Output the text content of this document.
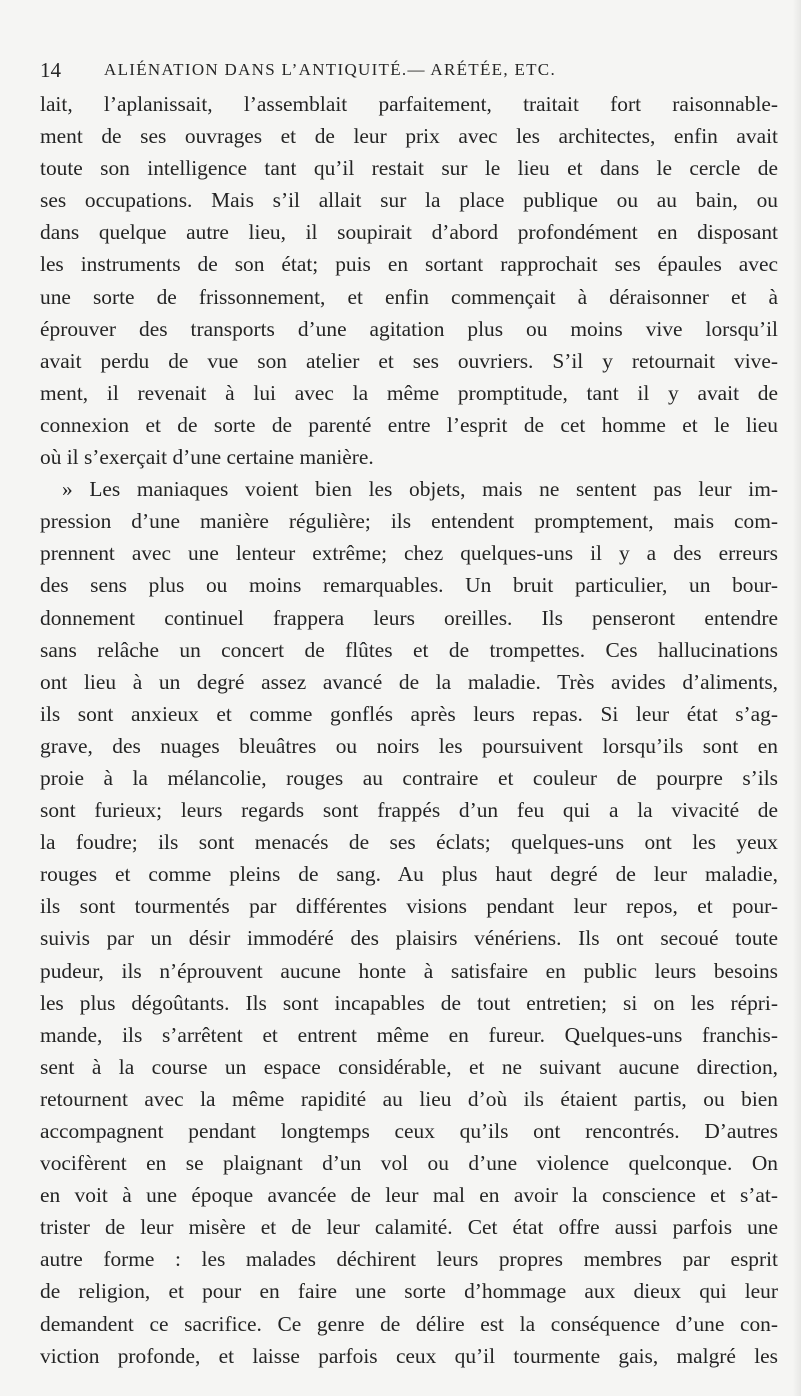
14	ALIÉNATION DANS L’ANTIQUITÉ.— ARÉTÉE, ETC.
lait, l’aplanissait, l’assemblait parfaitement, traitait fort raisonnable-
ment de ses ouvrages et de leur prix avec les architectes, enfin avait
toute son intelligence tant qu’il restait sur le lieu et dans le cercle de
ses occupations. Mais s’il allait sur la place publique ou au bain, ou
dans quelque autre lieu, il soupirait d’abord profondément en disposant
les instruments de son état; puis en sortant rapprochait ses épaules avec
une sorte de frissonnement, et enfin commençait à déraisonner et à
éprouver des transports d’une agitation plus ou moins vive lorsqu’il
avait perdu de vue son atelier et ses ouvriers. S’il y retournait vive-
ment, il revenait à lui avec la même promptitude, tant il y avait de
connexion et de sorte de parenté entre l’esprit de cet homme et le lieu
où il s’exerçait d’une certaine manière.
» Les maniaques voient bien les objets, mais ne sentent pas leur im-
pression d’une manière régulière; ils entendent promptement, mais com-
prennent avec une lenteur extrême; chez quelques-uns il y a des erreurs
des sens plus ou moins remarquables. Un bruit particulier, un bour-
donnement continuel frappera leurs oreilles. Ils penseront entendre
sans relâche un concert de flûtes et de trompettes. Ces hallucinations
ont lieu à un degré assez avancé de la maladie. Très avides d’aliments,
ils sont anxieux et comme gonflés après leurs repas. Si leur état s’ag-
grave, des nuages bleuâtres ou noirs les poursuivent lorsqu’ils sont en
proie à la mélancolie, rouges au contraire et couleur de pourpre s’ils
sont furieux; leurs regards sont frappés d’un feu qui a la vivacité de
la foudre; ils sont menacés de ses éclats; quelques-uns ont les yeux
rouges et comme pleins de sang. Au plus haut degré de leur maladie,
ils sont tourmentés par différentes visions pendant leur repos, et pour-
suivis par un désir immodéré des plaisirs vénériens. Ils ont secoué toute
pudeur, ils n’éprouvent aucune honte à satisfaire en public leurs besoins
les plus dégoûtants. Ils sont incapables de tout entretien; si on les répri-
mande, ils s’arrêtent et entrent même en fureur. Quelques-uns franchis-
sent à la course un espace considérable, et ne suivant aucune direction,
retournent avec la même rapidité au lieu d’où ils étaient partis, ou bien
accompagnent pendant longtemps ceux qu’ils ont rencontrés. D’autres
vocifèrent en se plaignant d’un vol ou d’une violence quelconque. On
en voit à une époque avancée de leur mal en avoir la conscience et s’at-
trister de leur misère et de leur calamité. Cet état offre aussi parfois une
autre forme : les malades déchirent leurs propres membres par esprit
de religion, et pour en faire une sorte d’hommage aux dieux qui leur
demandent ce sacrifice. Ce genre de délire est la conséquence d’une con-
viction profonde, et laisse parfois ceux qu’il tourmente gais, malgré les
